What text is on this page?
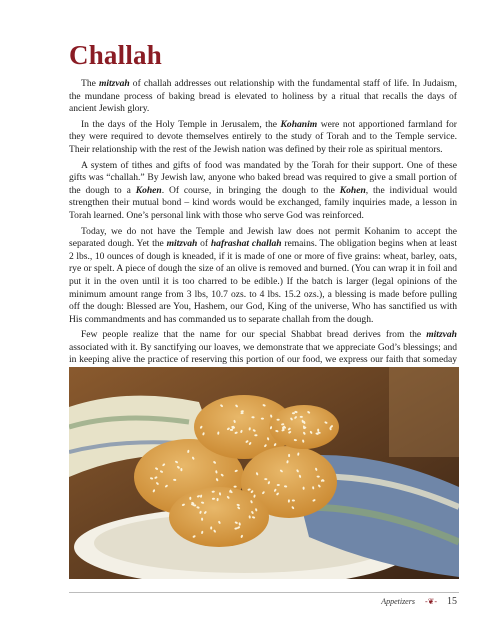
Challah

The mitzvah of challah addresses out relationship with the fundamental staff of life. In Judaism, the mundane process of baking bread is elevated to holiness by a ritual that recalls the days of ancient Jewish glory.

In the days of the Holy Temple in Jerusalem, the Kohanim were not apportioned farmland for they were required to devote themselves entirely to the study of Torah and to the Temple service. Their relationship with the rest of the Jewish nation was defined by their role as spiritual mentors.

A system of tithes and gifts of food was mandated by the Torah for their support. One of these gifts was “challah.” By Jewish law, anyone who baked bread was required to give a small portion of the dough to a Kohen. Of course, in bringing the dough to the Kohen, the individual would strengthen their mutual bond – kind words would be exchanged, family inquiries made, a lesson in Torah learned. One’s personal link with those who serve God was reinforced.

Today, we do not have the Temple and Jewish law does not permit Kohanim to accept the separated dough. Yet the mitzvah of hafrashat challah remains. The obligation begins when at least 2 lbs., 10 ounces of dough is kneaded, if it is made of one or more of five grains: wheat, barley, oats, rye or spelt. A piece of dough the size of an olive is removed and burned. (You can wrap it in foil and put it in the oven until it is too charred to be edible.) If the batch is larger (legal opinions of the minimum amount range from 3 lbs, 10.7 ozs. to 4 lbs. 15.2 ozs.), a blessing is made before pulling off the dough: Blessed are You, Hashem, our God, King of the universe, Who has sanctified us with His commandments and has commanded us to separate challah from the dough.

Few people realize that the name for our special Shabbat bread derives from the mitzvah associated with it. By sanctifying our loaves, we demonstrate that we appreciate God’s blessings; and in keeping alive the practice of reserving this portion of our food, we express our faith that someday

Appetizers -❦- 15
